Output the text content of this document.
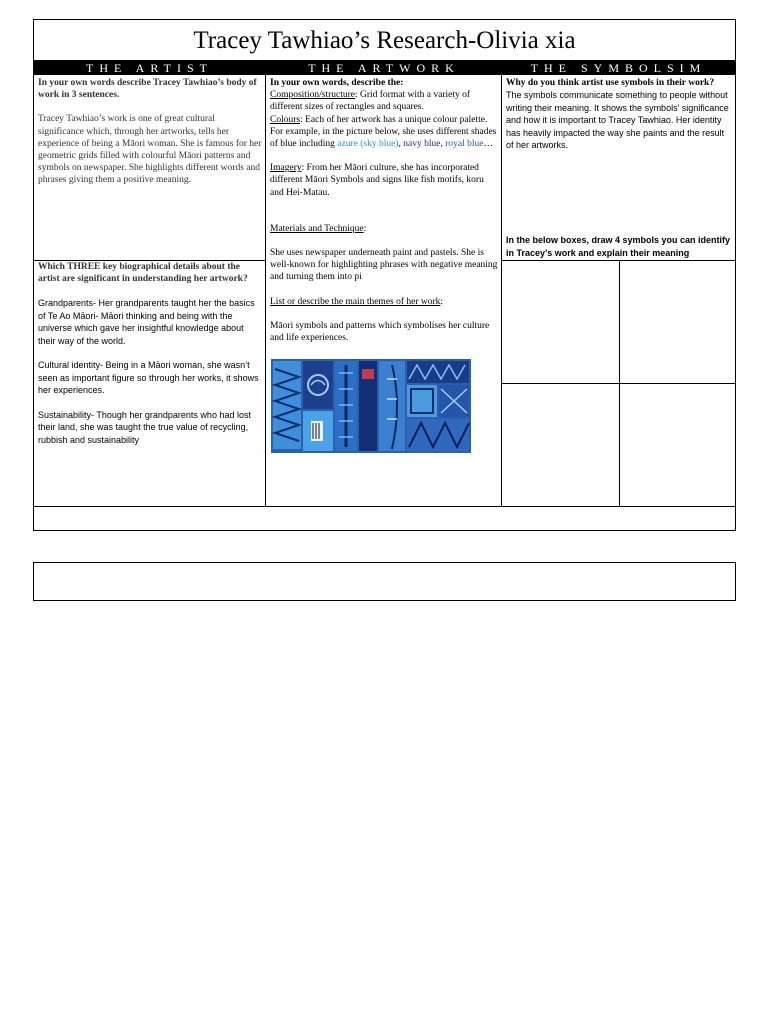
Tracey Tawhiao’s Research-Olivia xia
THE ARTIST	THE ARTWORK	THE SYMBOLSIM

In your own words describe Tracey Tawhiao’s body of work in 3 sentences.

Tracey Tawhiao’s work is one of great cultural significance which, through her artworks, tells her experience of being a Māori woman. She is famous for her geometric grids filled with colourful Māori patterns and symbols on newspaper. She highlights different words and phrases giving them a positive meaning.

Which THREE key biographical details about the artist are significant in understanding her artwork?

Grandparents- Her grandparents taught her the basics of Te Ao Māori- Māori thinking and being with the universe which gave her insightful knowledge about their way of the world.

Cultural identity- Being in a Māori woman, she wasn’t seen as important figure so through her works, it shows her experiences.

Sustainability- Though her grandparents who had lost their land, she was taught the true value of recycling, rubbish and sustainability

In your own words, describe the:

Composition/structure: Grid format with a variety of different sizes of rectangles and squares.

Colours: Each of her artwork has a unique colour palette. For example, in the picture below, she uses different shades of blue including azure (sky blue), navy blue, royal blue…

Imagery: From her Māori culture, she has incorporated different Māori Symbols and signs like fish motifs, koru and Hei-Matau.

Materials and Technique:

She uses newspaper underneath paint and pastels. She is well-known for highlighting phrases with negative meaning and turning them into pi

List or describe the main themes of her work:

Māori symbols and patterns which symbolises her culture and life experiences.

Why do you think artist use symbols in their work?

The symbols communicate something to people without writing their meaning. It shows the symbols' significance and how it is important to Tracey Tawhiao. Her identity has heavily impacted the way she paints and the result of her artworks.

In the below boxes, draw 4 symbols you can identify in Tracey’s work and explain their meaning
